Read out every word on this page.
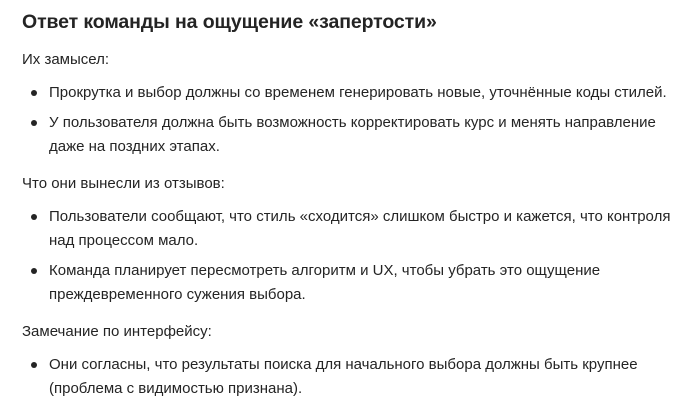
Ответ команды на ощущение «запертости»

Их замысел:

Прокрутка и выбор должны со временем генерировать новые, уточнённые коды стилей.
У пользователя должна быть возможность корректировать курс и менять направление даже на поздних этапах.

Что они вынесли из отзывов:

Пользователи сообщают, что стиль «сходится» слишком быстро и кажется, что контроля над процессом мало.
Команда планирует пересмотреть алгоритм и UX, чтобы убрать это ощущение преждевременного сужения выбора.

Замечание по интерфейсу:

Они согласны, что результаты поиска для начального выбора должны быть крупнее (проблема с видимостью признана).
